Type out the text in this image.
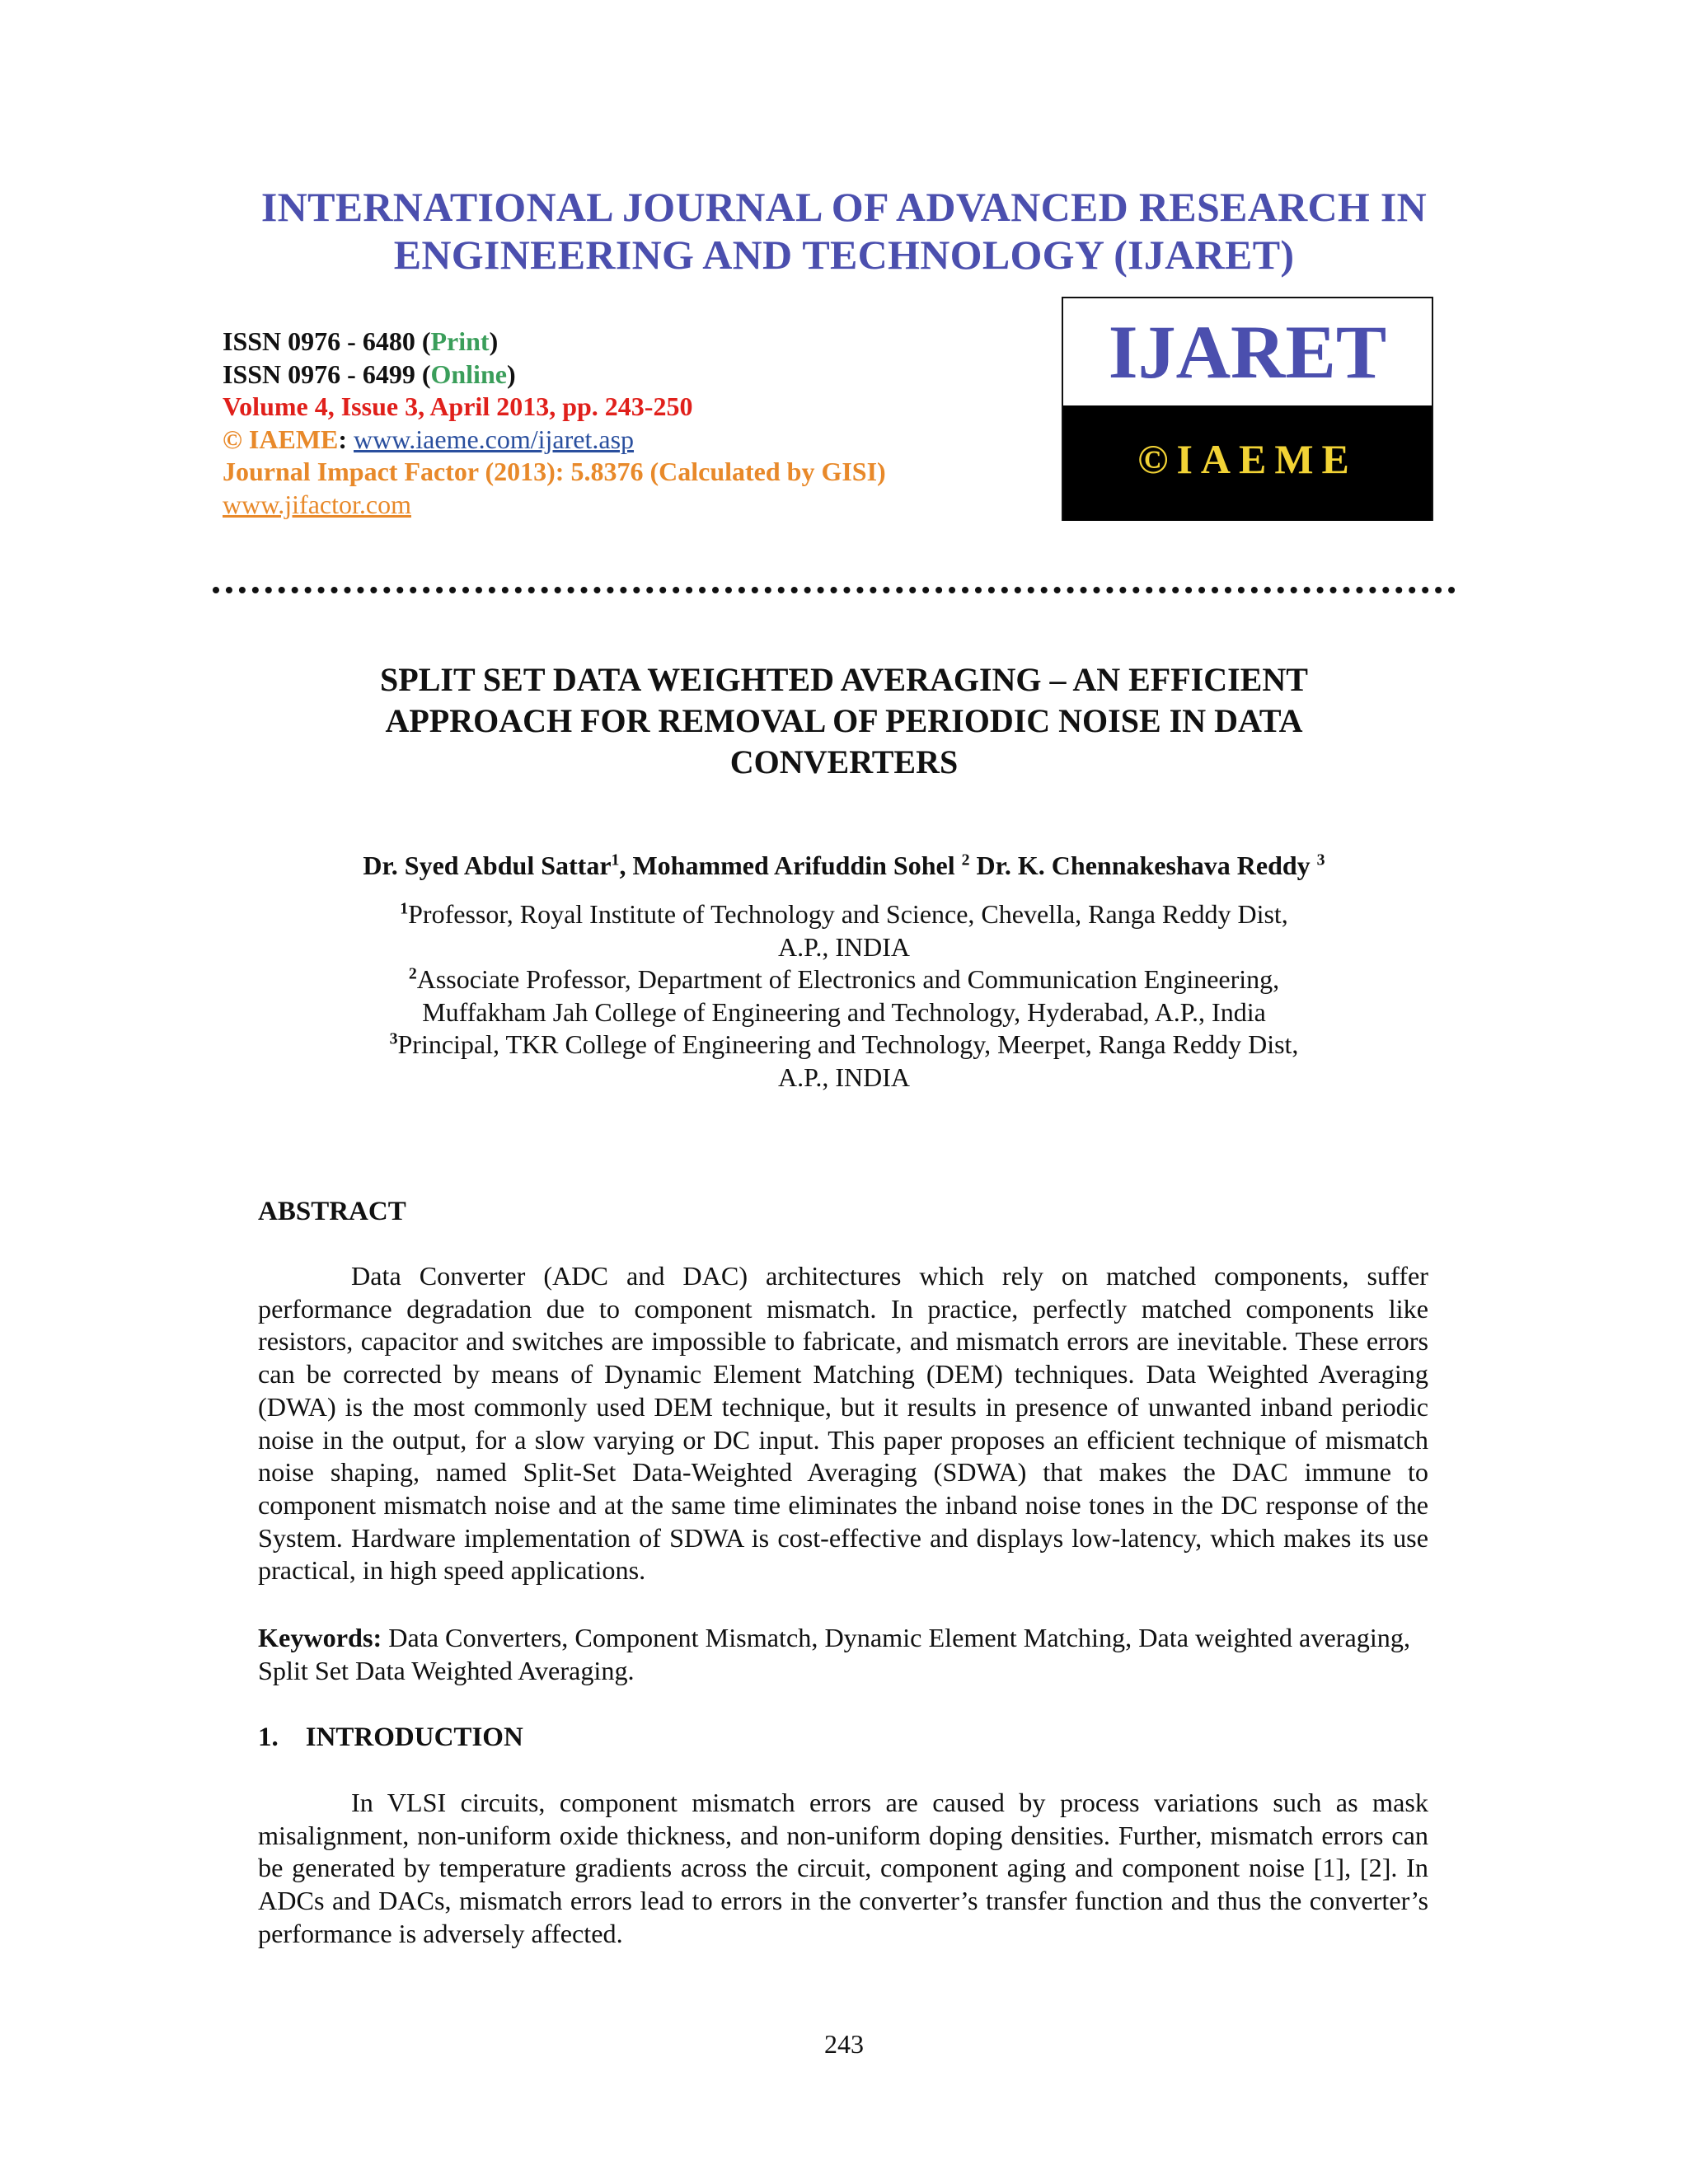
INTERNATIONAL JOURNAL OF ADVANCED RESEARCH IN
ENGINEERING AND TECHNOLOGY (IJARET)
ISSN 0976 - 6480 (Print)
ISSN 0976 - 6499 (Online)
Volume 4, Issue 3, April 2013, pp. 243-250
© IAEME: www.iaeme.com/ijaret.asp
Journal Impact Factor (2013): 5.8376 (Calculated by GISI)
www.jifactor.com
IJARET
©IAEME
SPLIT SET DATA WEIGHTED AVERAGING – AN EFFICIENT
APPROACH FOR REMOVAL OF PERIODIC NOISE IN DATA
CONVERTERS
Dr. Syed Abdul Sattar$^1$, Mohammed Arifuddin Sohel $^2$ Dr. K. Chennakeshava Reddy $^3$
$^1$Professor, Royal Institute of Technology and Science, Chevella, Ranga Reddy Dist,
A.P., INDIA
$^2$Associate Professor, Department of Electronics and Communication Engineering,
Muffakham Jah College of Engineering and Technology, Hyderabad, A.P., India
$^3$Principal, TKR College of Engineering and Technology, Meerpet, Ranga Reddy Dist,
A.P., INDIA
ABSTRACT

Data Converter (ADC and DAC) architectures which rely on matched components, suffer performance degradation due to component mismatch. In practice, perfectly matched components like resistors, capacitor and switches are impossible to fabricate, and mismatch errors are inevitable. These errors can be corrected by means of Dynamic Element Matching (DEM) techniques. Data Weighted Averaging (DWA) is the most commonly used DEM technique, but it results in presence of unwanted inband periodic noise in the output, for a slow varying or DC input. This paper proposes an efficient technique of mismatch noise shaping, named Split-Set Data-Weighted Averaging (SDWA) that makes the DAC immune to component mismatch noise and at the same time eliminates the inband noise tones in the DC response of the System. Hardware implementation of SDWA is cost-effective and displays low-latency, which makes its use practical, in high speed applications.

Keywords: Data Converters, Component Mismatch, Dynamic Element Matching, Data weighted averaging, Split Set Data Weighted Averaging.
1.    INTRODUCTION

In VLSI circuits, component mismatch errors are caused by process variations such as mask misalignment, non-uniform oxide thickness, and non-uniform doping densities. Further, mismatch errors can be generated by temperature gradients across the circuit, component aging and component noise [1], [2]. In ADCs and DACs, mismatch errors lead to errors in the converter’s transfer function and thus the converter’s performance is adversely affected.

243
